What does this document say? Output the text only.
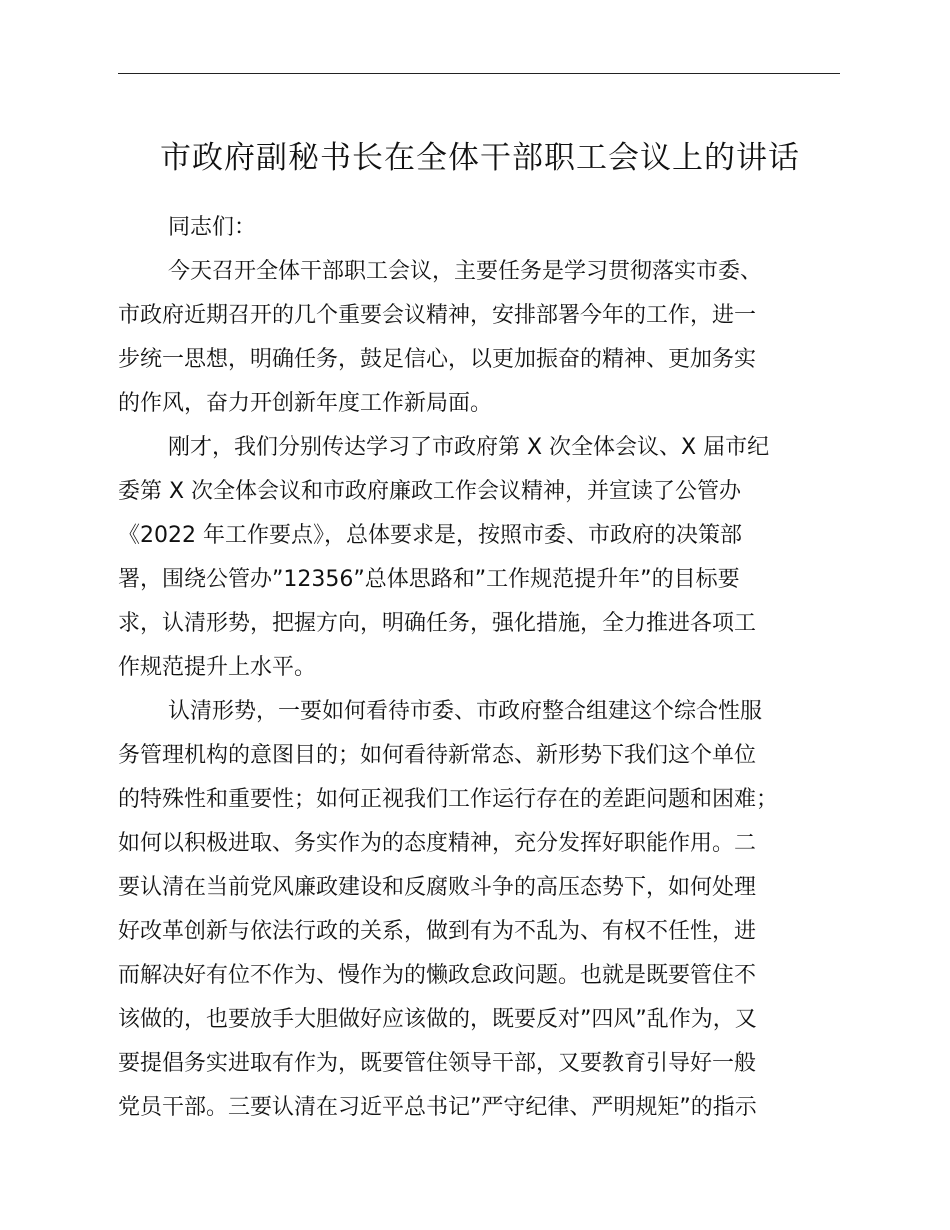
市政府副秘书长在全体干部职工会议上的讲话
同志们：
今天召开全体干部职工会议，主要任务是学习贯彻落实市委、
市政府近期召开的几个重要会议精神，安排部署今年的工作，进一
步统一思想，明确任务，鼓足信心，以更加振奋的精神、更加务实
的作风，奋力开创新年度工作新局面。
刚才，我们分别传达学习了市政府第 X 次全体会议、X 届市纪
委第 X 次全体会议和市政府廉政工作会议精神，并宣读了公管办
《2022 年工作要点》，总体要求是，按照市委、市政府的决策部
署，围绕公管办”12356”总体思路和”工作规范提升年”的目标要
求，认清形势，把握方向，明确任务，强化措施，全力推进各项工
作规范提升上水平。
认清形势，一要如何看待市委、市政府整合组建这个综合性服
务管理机构的意图目的；如何看待新常态、新形势下我们这个单位
的特殊性和重要性；如何正视我们工作运行存在的差距问题和困难；
如何以积极进取、务实作为的态度精神，充分发挥好职能作用。二
要认清在当前党风廉政建设和反腐败斗争的高压态势下，如何处理
好改革创新与依法行政的关系，做到有为不乱为、有权不任性，进
而解决好有位不作为、慢作为的懒政怠政问题。也就是既要管住不
该做的，也要放手大胆做好应该做的，既要反对”四风”乱作为，又
要提倡务实进取有作为，既要管住领导干部，又要教育引导好一般
党员干部。三要认清在习近平总书记”严守纪律、严明规矩”的指示
